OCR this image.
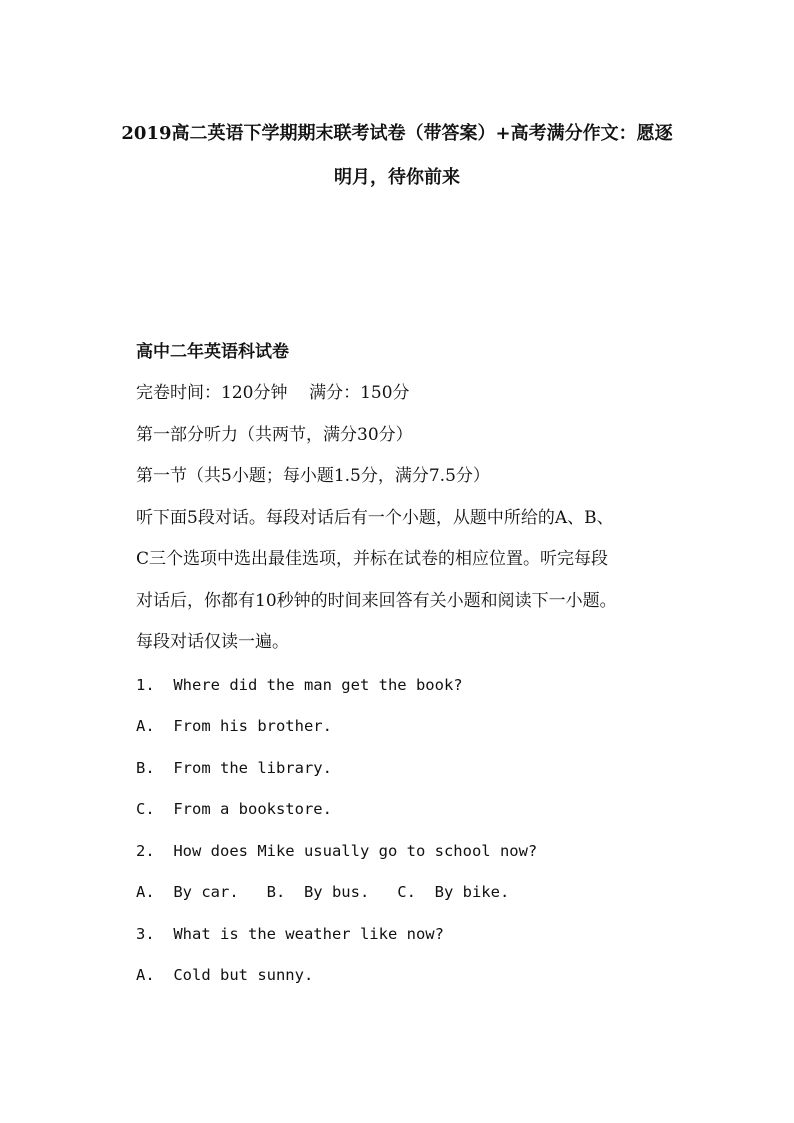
2019高二英语下学期期末联考试卷（带答案）+高考满分作文：愿逐
明月，待你前来
高中二年英语科试卷
完卷时间：120分钟    满分：150分
第一部分听力（共两节，满分30分）
第一节（共5小题；每小题1.5分，满分7.5分）
听下面5段对话。每段对话后有一个小题，从题中所给的A、B、
C三个选项中选出最佳选项，并标在试卷的相应位置。听完每段
对话后，你都有10秒钟的时间来回答有关小题和阅读下一小题。
每段对话仅读一遍。
1.  Where did the man get the book?
A.  From his brother.
B.  From the library.
C.  From a bookstore.
2.  How does Mike usually go to school now?
A.  By car.   B.  By bus.   C.  By bike.
3.  What is the weather like now?
A.  Cold but sunny.
